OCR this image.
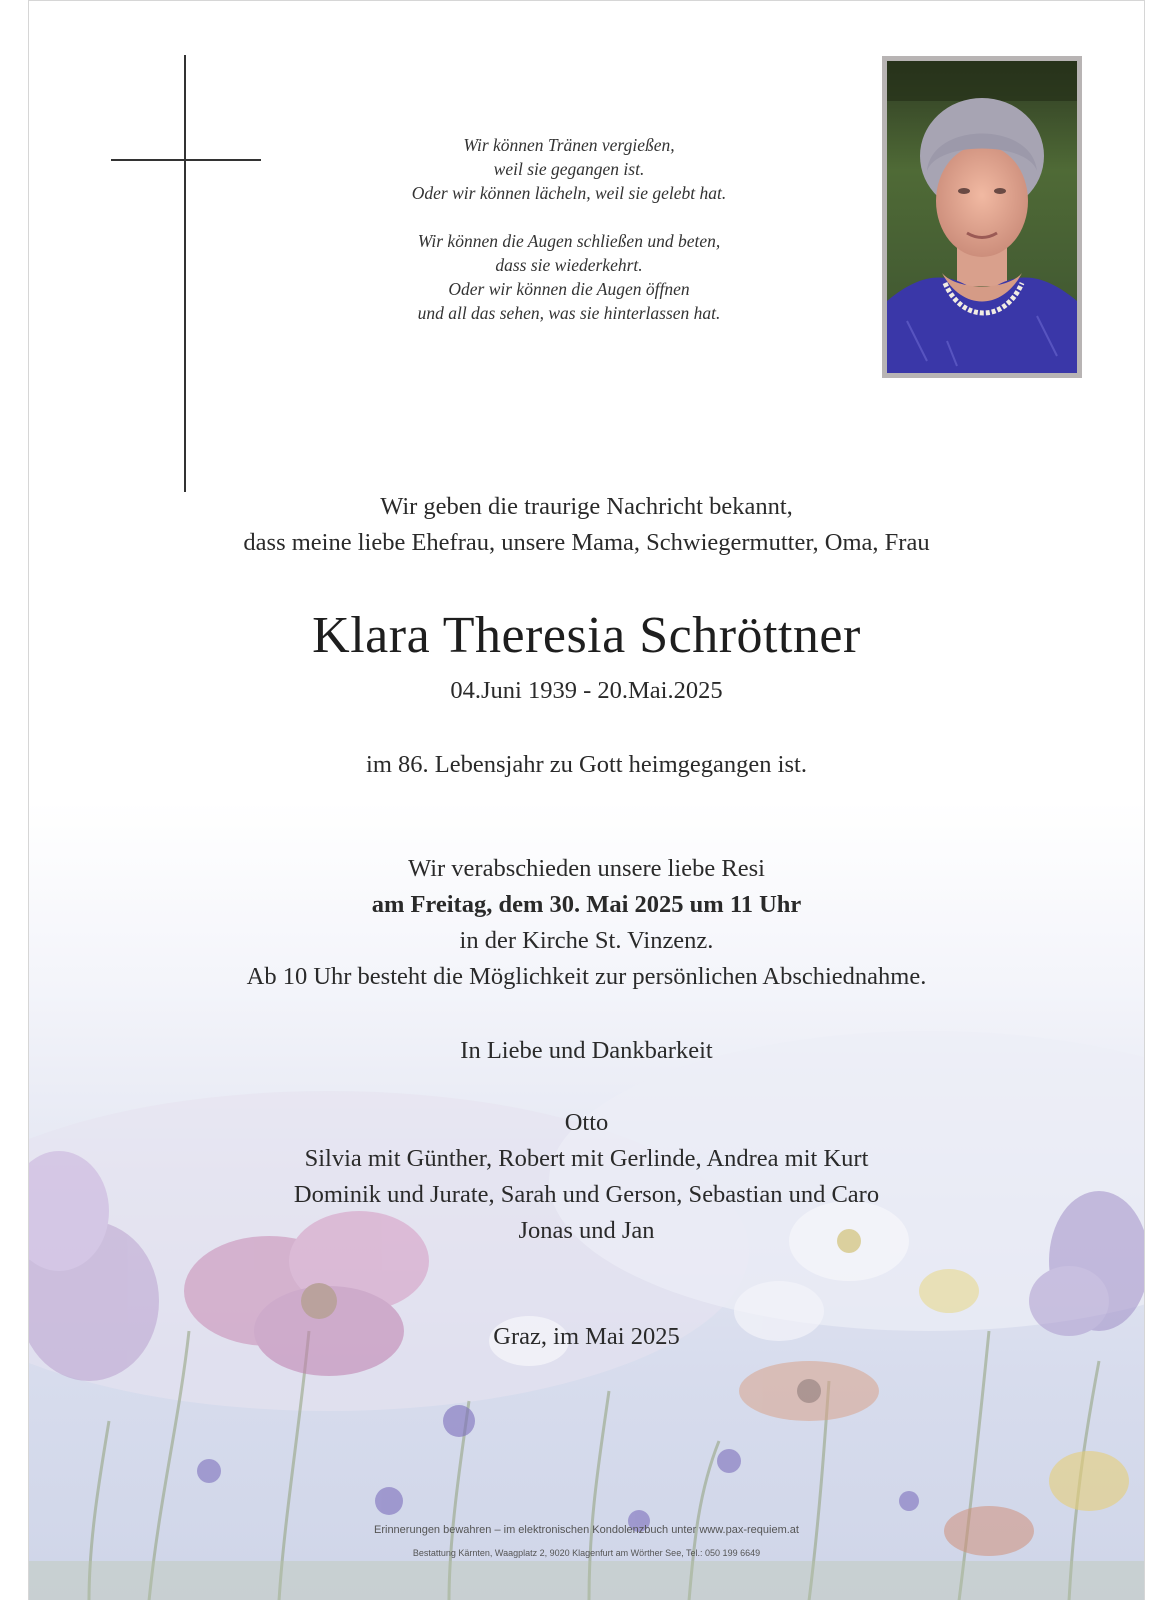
Wir können Tränen vergießen,

weil sie gegangen ist.

Oder wir können lächeln, weil sie gelebt hat.

Wir können die Augen schließen und beten,

dass sie wiederkehrt.

Oder wir können die Augen öffnen

und all das sehen, was sie hinterlassen hat.

Wir geben die traurige Nachricht bekannt,
dass meine liebe Ehefrau, unsere Mama, Schwiegermutter, Oma, Frau
Klara Theresia Schröttner
04.Juni 1939 - 20.Mai.2025
im 86. Lebensjahr zu Gott heimgegangen ist.
Wir verabschieden unsere liebe Resi
am Freitag, dem 30. Mai 2025 um 11 Uhr
in der Kirche St. Vinzenz.
Ab 10 Uhr besteht die Möglichkeit zur persönlichen Abschiednahme.
In Liebe und Dankbarkeit
Otto
Silvia mit Günther, Robert mit Gerlinde, Andrea mit Kurt
Dominik und Jurate, Sarah und Gerson, Sebastian und Caro
Jonas und Jan
Graz, im Mai 2025
Erinnerungen bewahren – im elektronischen Kondolenzbuch unter www.pax-requiem.at
Bestattung Kärnten, Waagplatz 2, 9020 Klagenfurt am Wörther See, Tel.: 050 199 6649
